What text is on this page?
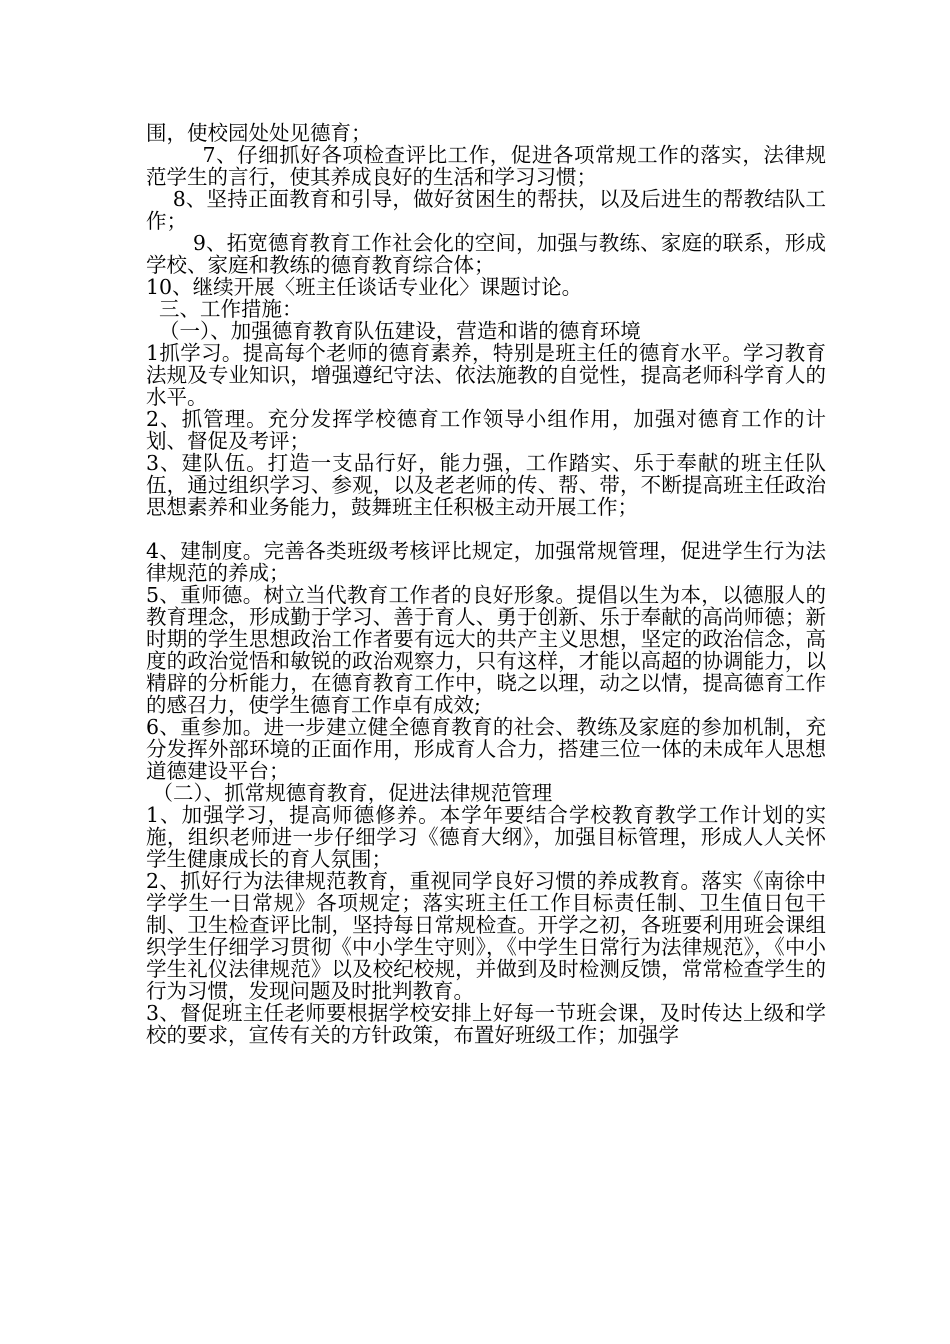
围，使校园处处见德育；

7、仔细抓好各项检查评比工作，促进各项常规工作的落实，法律规范学生的言行，使其养成良好的生活和学习习惯；

8、坚持正面教育和引导，做好贫困生的帮扶，以及后进生的帮教结队工作；

9、拓宽德育教育工作社会化的空间，加强与教练、家庭的联系，形成学校、家庭和教练的德育教育综合体；

10、继续开展〈班主任谈话专业化〉课题讨论。

三、工作措施：

（一）、加强德育教育队伍建设，营造和谐的德育环境

1抓学习。提高每个老师的德育素养，特别是班主任的德育水平。学习教育法规及专业知识，增强遵纪守法、依法施教的自觉性，提高老师科学育人的水平。

2、抓管理。充分发挥学校德育工作领导小组作用，加强对德育工作的计划、督促及考评；

3、建队伍。打造一支品行好，能力强，工作踏实、乐于奉献的班主任队伍，通过组织学习、参观，以及老老师的传、帮、带，不断提高班主任政治思想素养和业务能力，鼓舞班主任积极主动开展工作；

4、建制度。完善各类班级考核评比规定，加强常规管理，促进学生行为法律规范的养成；

5、重师德。树立当代教育工作者的良好形象。提倡以生为本，以德服人的教育理念，形成勤于学习、善于育人、勇于创新、乐于奉献的高尚师德；新时期的学生思想政治工作者要有远大的共产主义思想，坚定的政治信念，高度的政治觉悟和敏锐的政治观察力，只有这样，才能以高超的协调能力，以精辟的分析能力，在德育教育工作中，晓之以理，动之以情，提高德育工作的感召力，使学生德育工作卓有成效;

6、重参加。进一步建立健全德育教育的社会、教练及家庭的参加机制，充分发挥外部环境的正面作用，形成育人合力，搭建三位一体的未成年人思想道德建设平台；

（二）、抓常规德育教育，促进法律规范管理

1、加强学习，提高师德修养。本学年要结合学校教育教学工作计划的实施，组织老师进一步仔细学习《德育大纲》，加强目标管理，形成人人关怀学生健康成长的育人氛围；

2、抓好行为法律规范教育，重视同学良好习惯的养成教育。落实《南徐中学学生一日常规》各项规定；落实班主任工作目标责任制、卫生值日包干制、卫生检查评比制，坚持每日常规检查。开学之初，各班要利用班会课组织学生仔细学习贯彻《中小学生守则》，《中学生日常行为法律规范》，《中小学生礼仪法律规范》以及校纪校规，并做到及时检测反馈，常常检查学生的行为习惯，发现问题及时批判教育。

3、督促班主任老师要根据学校安排上好每一节班会课，及时传达上级和学校的要求，宣传有关的方针政策，布置好班级工作；加强学
